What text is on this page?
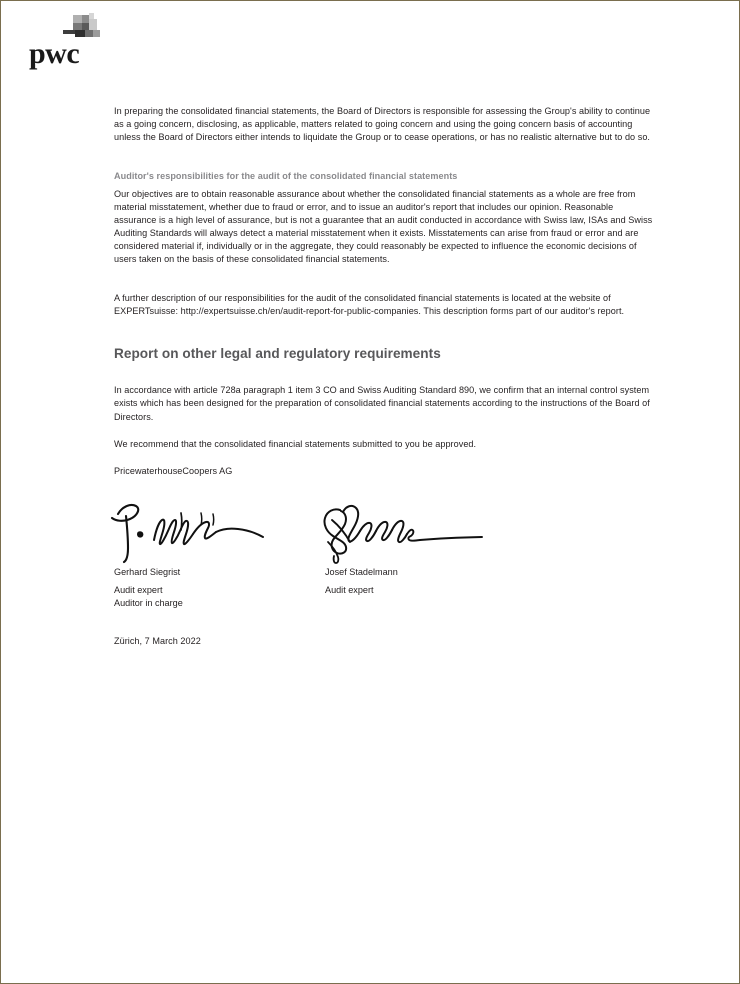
pwc

In preparing the consolidated financial statements, the Board of Directors is responsible for assessing the Group's ability to continue as a going concern, disclosing, as applicable, matters related to going concern and using the going concern basis of accounting unless the Board of Directors either intends to liquidate the Group or to cease operations, or has no realistic alternative but to do so.

Auditor's responsibilities for the audit of the consolidated financial statements

Our objectives are to obtain reasonable assurance about whether the consolidated financial statements as a whole are free from material misstatement, whether due to fraud or error, and to issue an auditor's report that includes our opinion. Reasonable assurance is a high level of assurance, but is not a guarantee that an audit conducted in accordance with Swiss law, ISAs and Swiss Auditing Standards will always detect a material misstatement when it exists. Misstatements can arise from fraud or error and are considered material if, individually or in the aggregate, they could reasonably be expected to influence the economic decisions of users taken on the basis of these consolidated financial statements.

A further description of our responsibilities for the audit of the consolidated financial statements is located at the website of EXPERTsuisse: http://expertsuisse.ch/en/audit-report-for-public-companies. This description forms part of our auditor's report.

Report on other legal and regulatory requirements

In accordance with article 728a paragraph 1 item 3 CO and Swiss Auditing Standard 890, we confirm that an internal control system exists which has been designed for the preparation of consolidated financial statements according to the instructions of the Board of Directors.

We recommend that the consolidated financial statements submitted to you be approved.

PricewaterhouseCoopers AG

Gerhard Siegrist
Audit expert
Auditor in charge
Josef Stadelmann
Audit expert

Zürich, 7 March 2022
